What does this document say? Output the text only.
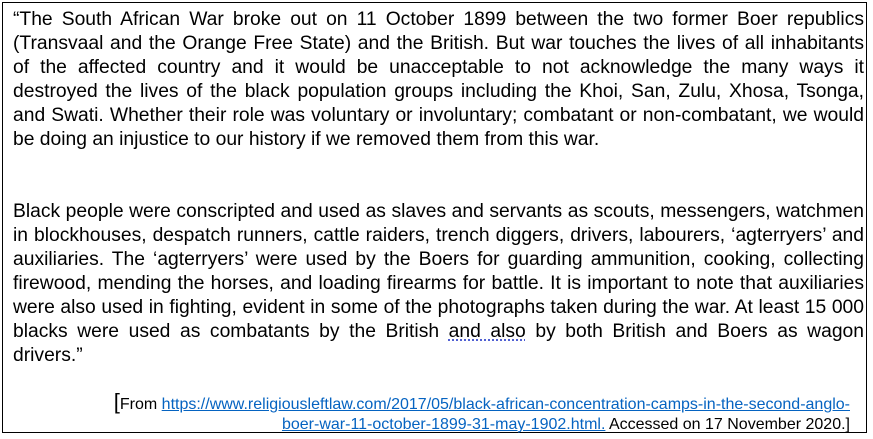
“The South African War broke out on 11 October 1899 between the two former Boer republics (Transvaal and the Orange Free State) and the British. But war touches the lives of all inhabitants of the affected country and it would be unacceptable to not acknowledge the many ways it destroyed the lives of the black population groups including the Khoi, San, Zulu, Xhosa, Tsonga, and Swati. Whether their role was voluntary or involuntary; combatant or non-combatant, we would be doing an injustice to our history if we removed them from this war.

Black people were conscripted and used as slaves and servants as scouts, messengers, watchmen in blockhouses, despatch runners, cattle raiders, trench diggers, drivers, labourers, ‘agterryers’ and auxiliaries. The ‘agterryers’ were used by the Boers for guarding ammunition, cooking, collecting firewood, mending the horses, and loading firearms for battle. It is important to note that auxiliaries were also used in fighting, evident in some of the photographs taken during the war. At least 15 000 blacks were used as combatants by the British and also by both British and Boers as wagon drivers.”

[From https://www.religiousleftlaw.com/2017/05/black-african-concentration-camps-in-the-second-anglo-
boer-war-11-october-1899-31-may-1902.html. Accessed on 17 November 2020.]
